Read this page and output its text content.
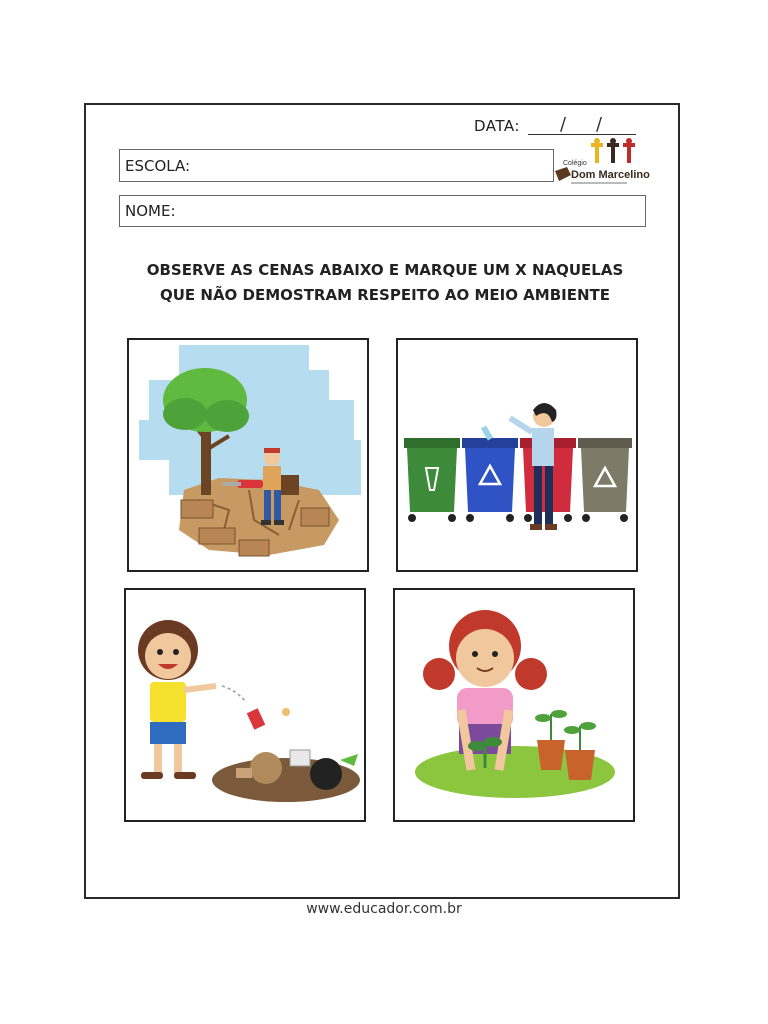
DATA: / /
ESCOLA:	Colégio
Dom Marcelino
NOME:
OBSERVE AS CENAS ABAIXO E MARQUE UM X NAQUELAS
QUE NÃO DEMOSTRAM RESPEITO AO MEIO AMBIENTE
www.educador.com.br
